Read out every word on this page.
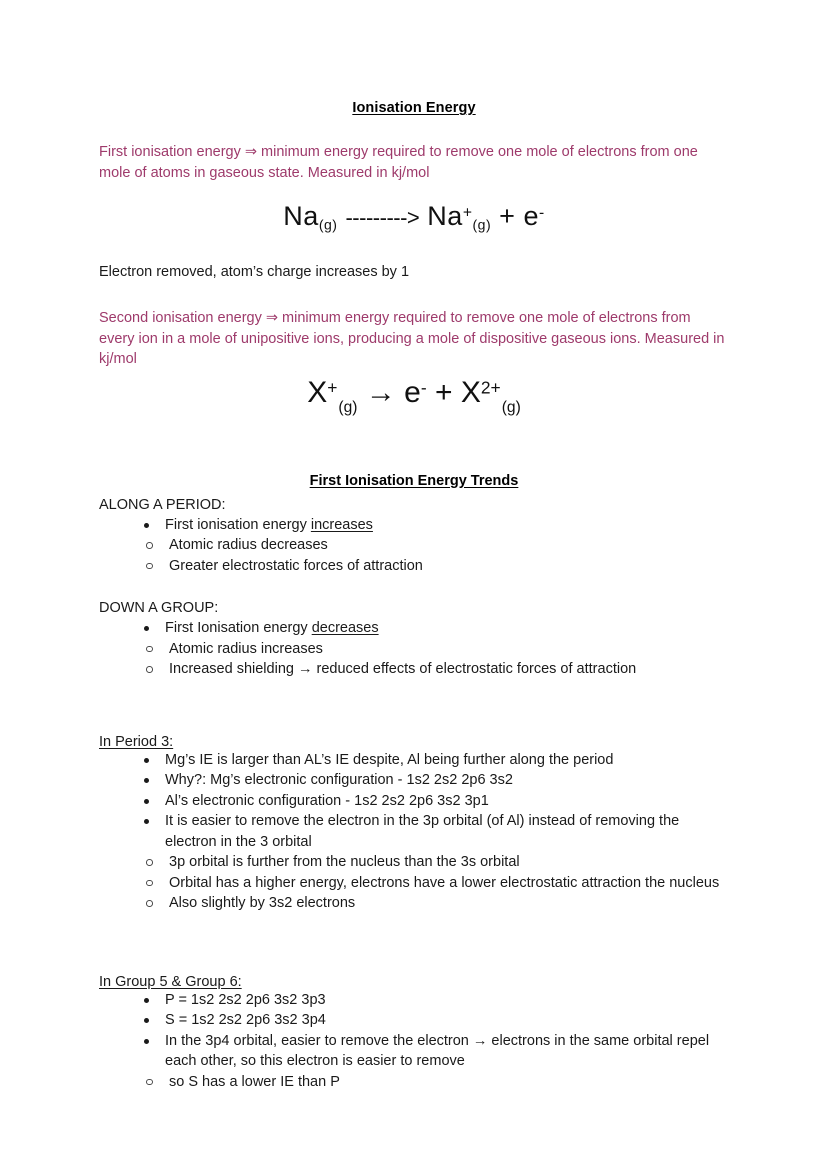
Ionisation Energy

First ionisation energy ⇒ minimum energy required to remove one mole of electrons from one mole of atoms in gaseous state. Measured in kj/mol

$Na_{(g)}$ ---------> $Na^+_{(g)} + e^-$

Electron removed, atom’s charge increases by 1

Second ionisation energy ⇒ minimum energy required to remove one mole of electrons from every ion in a mole of unipositive ions, producing a mole of dispositive gaseous ions. Measured in kj/mol

$X^+_{(g)} \to e^- + X^{2+}_{(g)}$
First Ionisation Energy Trends

ALONG A PERIOD:

First ionisation energy increases
Atomic radius decreases
Greater electrostatic forces of attraction

DOWN A GROUP:

First Ionisation energy decreases
Atomic radius increases
Increased shielding → reduced effects of electrostatic forces of attraction

In Period 3:

Mg’s IE is larger than AL’s IE despite, Al being further along the period
Why?: Mg’s electronic configuration - 1s2 2s2 2p6 3s2
Al’s electronic configuration - 1s2 2s2 2p6 3s2 3p1
It is easier to remove the electron in the 3p orbital (of Al) instead of removing the electron in the 3 orbital
3p orbital is further from the nucleus than the 3s orbital
Orbital has a higher energy, electrons have a lower electrostatic attraction the nucleus
Also slightly by 3s2 electrons

In Group 5 & Group 6:

P = 1s2 2s2 2p6 3s2 3p3
S = 1s2 2s2 2p6 3s2 3p4
In the 3p4 orbital, easier to remove the electron → electrons in the same orbital repel each other, so this electron is easier to remove
so S has a lower IE than P
